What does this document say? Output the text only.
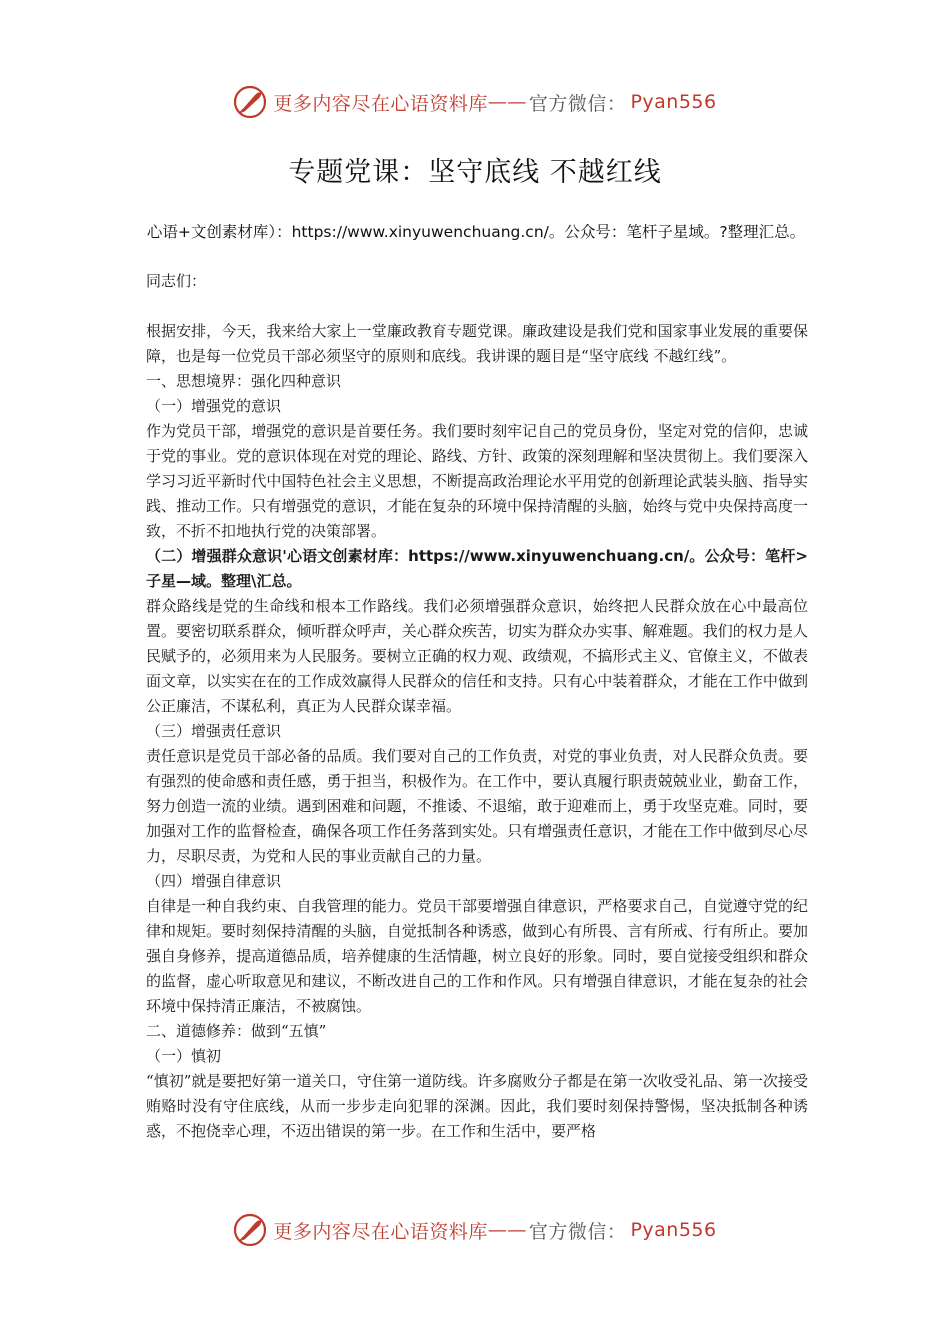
更多内容尽在心语资料库 —— 官方微信： Pyan556
专题党课：坚守底线 不越红线
心语+文创素材库）：https://www.xinyuwenchuang.cn/。公众号：笔杆子星域。?整理汇总。

同志们：

根据安排，今天，我来给大家上一堂廉政教育专题党课。廉政建设是我们党和国家事业发展的重要保障，也是每一位党员干部必须坚守的原则和底线。我讲课的题目是“坚守底线 不越红线”。

一、思想境界：强化四种意识

（一）增强党的意识

作为党员干部，增强党的意识是首要任务。我们要时刻牢记自己的党员身份，坚定对党的信仰，忠诚于党的事业。党的意识体现在对党的理论、路线、方针、政策的深刻理解和坚决贯彻上。我们要深入学习习近平新时代中国特色社会主义思想，不断提高政治理论水平用党的创新理论武装头脑、指导实践、推动工作。只有增强党的意识，才能在复杂的环境中保持清醒的头脑，始终与党中央保持高度一致，不折不扣地执行党的决策部署。

（二）增强群众意识'心语文创素材库：https://www.xinyuwenchuang.cn/。公众号：笔杆>子星—域。整理\汇总。

群众路线是党的生命线和根本工作路线。我们必须增强群众意识，始终把人民群众放在心中最高位置。要密切联系群众，倾听群众呼声，关心群众疾苦，切实为群众办实事、解难题。我们的权力是人民赋予的，必须用来为人民服务。要树立正确的权力观、政绩观，不搞形式主义、官僚主义，不做表面文章，以实实在在的工作成效赢得人民群众的信任和支持。只有心中装着群众，才能在工作中做到公正廉洁，不谋私利，真正为人民群众谋幸福。

（三）增强责任意识

责任意识是党员干部必备的品质。我们要对自己的工作负责，对党的事业负责，对人民群众负责。要有强烈的使命感和责任感，勇于担当，积极作为。在工作中，要认真履行职责兢兢业业，勤奋工作，努力创造一流的业绩。遇到困难和问题，不推诿、不退缩，敢于迎难而上，勇于攻坚克难。同时，要加强对工作的监督检查，确保各项工作任务落到实处。只有增强责任意识，才能在工作中做到尽心尽力，尽职尽责，为党和人民的事业贡献自己的力量。

（四）增强自律意识

自律是一种自我约束、自我管理的能力。党员干部要增强自律意识，严格要求自己，自觉遵守党的纪律和规矩。要时刻保持清醒的头脑，自觉抵制各种诱惑，做到心有所畏、言有所戒、行有所止。要加强自身修养，提高道德品质，培养健康的生活情趣，树立良好的形象。同时，要自觉接受组织和群众的监督，虚心听取意见和建议，不断改进自己的工作和作风。只有增强自律意识，才能在复杂的社会环境中保持清正廉洁，不被腐蚀。

二、道德修养：做到“五慎”

（一）慎初

“慎初”就是要把好第一道关口，守住第一道防线。许多腐败分子都是在第一次收受礼品、第一次接受贿赂时没有守住底线，从而一步步走向犯罪的深渊。因此，我们要时刻保持警惕，坚决抵制各种诱惑，不抱侥幸心理，不迈出错误的第一步。在工作和生活中，要严格

更多内容尽在心语资料库 —— 官方微信： Pyan556
